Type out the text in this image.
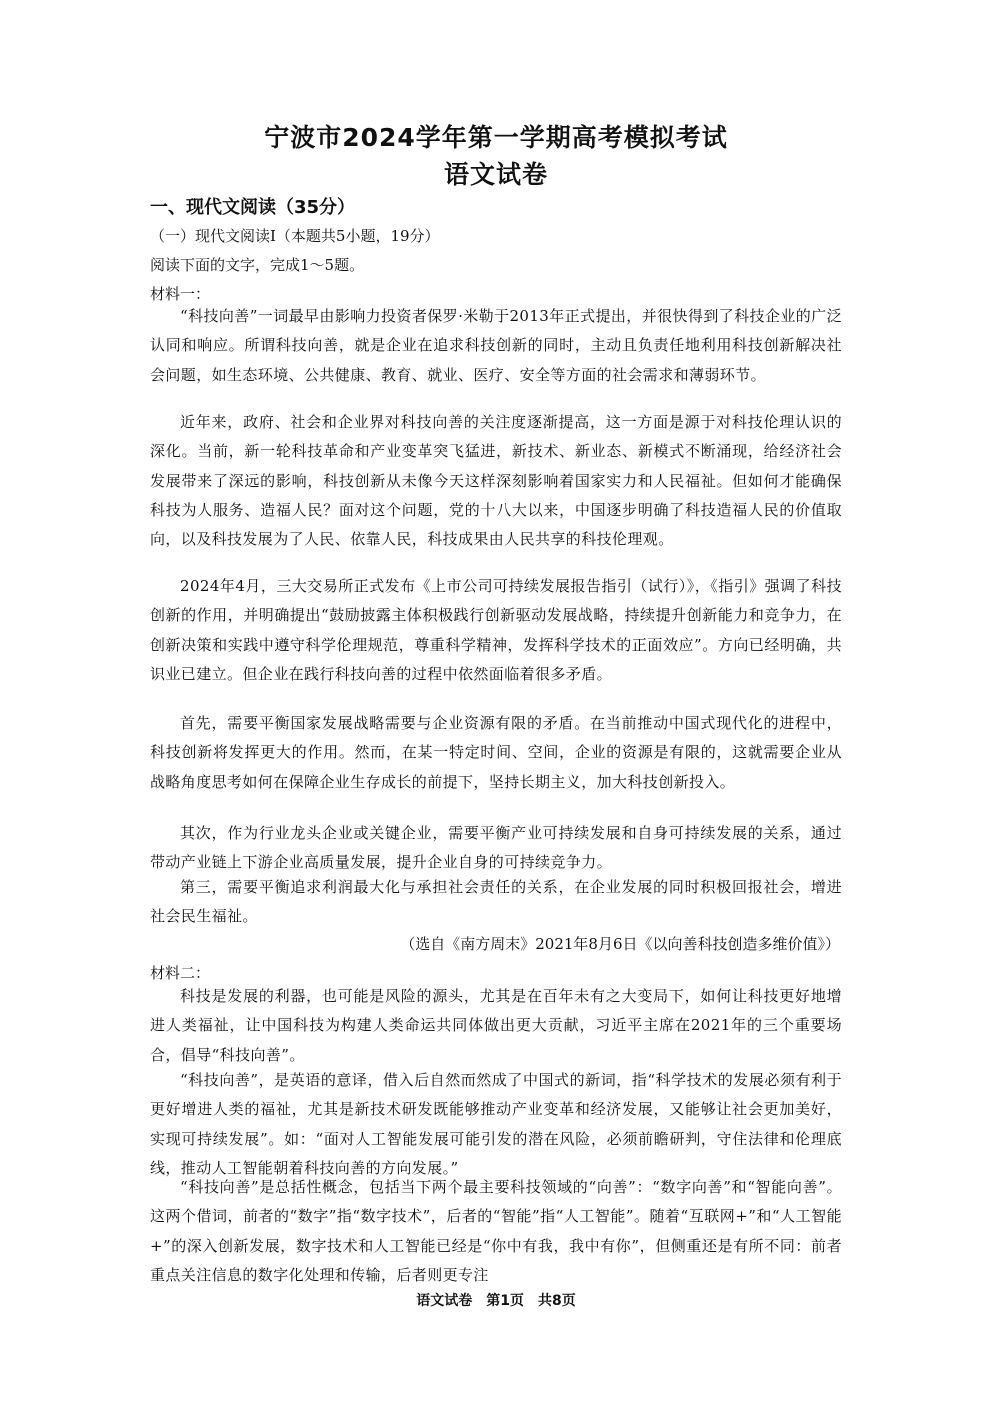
宁波市2024学年第一学期高考模拟考试
语文试卷
一、现代文阅读（35分）
（一）现代文阅读Ⅰ（本题共5小题，19分）
阅读下面的文字，完成1～5题。
材料一：
“科技向善”一词最早由影响力投资者保罗·米勒于2013年正式提出，并很快得到了科技企业的广泛认同和响应。所谓科技向善，就是企业在追求科技创新的同时，主动且负责任地利用科技创新解决社会问题，如生态环境、公共健康、教育、就业、医疗、安全等方面的社会需求和薄弱环节。
近年来，政府、社会和企业界对科技向善的关注度逐渐提高，这一方面是源于对科技伦理认识的深化。当前，新一轮科技革命和产业变革突飞猛进，新技术、新业态、新模式不断涌现，给经济社会发展带来了深远的影响，科技创新从未像今天这样深刻影响着国家实力和人民福祉。但如何才能确保科技为人服务、造福人民？面对这个问题，党的十八大以来，中国逐步明确了科技造福人民的价值取向，以及科技发展为了人民、依靠人民，科技成果由人民共享的科技伦理观。
2024年4月，三大交易所正式发布《上市公司可持续发展报告指引（试行）》，《指引》强调了科技创新的作用，并明确提出“鼓励披露主体积极践行创新驱动发展战略，持续提升创新能力和竞争力，在创新决策和实践中遵守科学伦理规范，尊重科学精神，发挥科学技术的正面效应”。方向已经明确，共识业已建立。但企业在践行科技向善的过程中依然面临着很多矛盾。
首先，需要平衡国家发展战略需要与企业资源有限的矛盾。在当前推动中国式现代化的进程中，科技创新将发挥更大的作用。然而，在某一特定时间、空间，企业的资源是有限的，这就需要企业从战略角度思考如何在保障企业生存成长的前提下，坚持长期主义，加大科技创新投入。
其次，作为行业龙头企业或关键企业，需要平衡产业可持续发展和自身可持续发展的关系，通过带动产业链上下游企业高质量发展，提升企业自身的可持续竞争力。
第三，需要平衡追求利润最大化与承担社会责任的关系，在企业发展的同时积极回报社会，增进社会民生福祉。
（选自《南方周末》2021年8月6日《以向善科技创造多维价值》）
材料二：
科技是发展的利器，也可能是风险的源头，尤其是在百年未有之大变局下，如何让科技更好地增进人类福祉，让中国科技为构建人类命运共同体做出更大贡献，习近平主席在2021年的三个重要场合，倡导“科技向善”。
“科技向善”，是英语的意译，借入后自然而然成了中国式的新词，指“科学技术的发展必须有利于更好增进人类的福祉，尤其是新技术研发既能够推动产业变革和经济发展，又能够让社会更加美好，实现可持续发展”。如：“面对人工智能发展可能引发的潜在风险，必须前瞻研判，守住法律和伦理底线，推动人工智能朝着科技向善的方向发展。”
“科技向善”是总括性概念，包括当下两个最主要科技领域的“向善”：“数字向善”和“智能向善”。这两个借词，前者的“数字”指“数字技术”，后者的“智能”指“人工智能”。随着“互联网+”和“人工智能+”的深入创新发展，数字技术和人工智能已经是“你中有我，我中有你”，但侧重还是有所不同：前者重点关注信息的数字化处理和传输，后者则更专注
语文试卷　第1页　共8页
